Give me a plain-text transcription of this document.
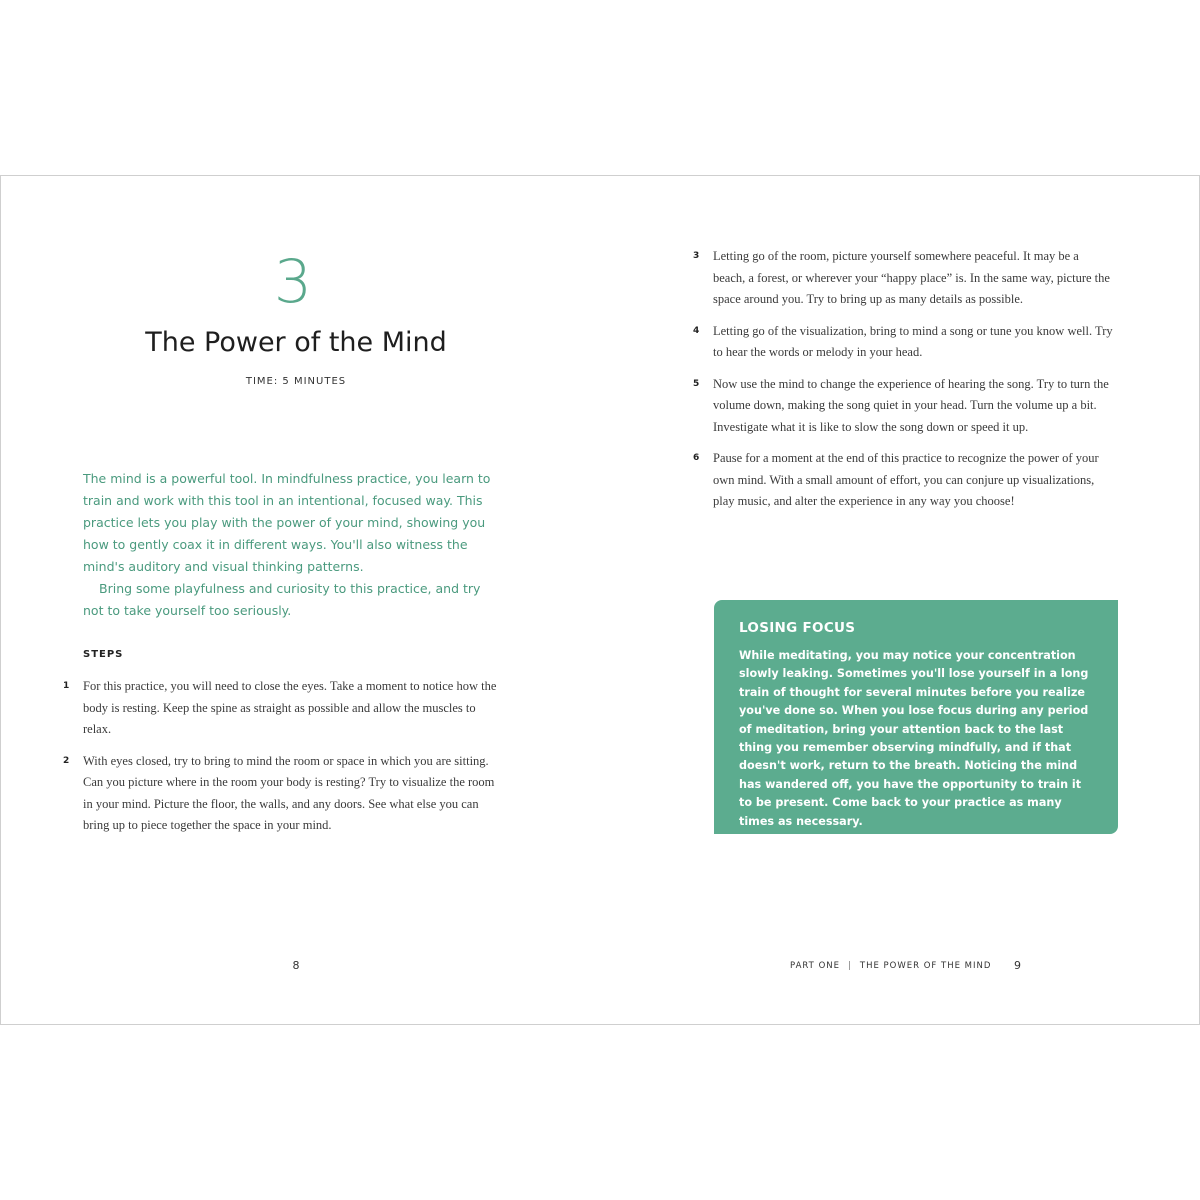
3
The Power of the Mind
TIME: 5 MINUTES

The mind is a powerful tool. In mindfulness practice, you learn to train and work with this tool in an intentional, focused way. This practice lets you play with the power of your mind, showing you how to gently coax it in different ways. You'll also witness the mind's auditory and visual thinking patterns.

Bring some playfulness and curiosity to this practice, and try not to take yourself too seriously.

STEPS
1 For this practice, you will need to close the eyes. Take a moment to notice how the body is resting. Keep the spine as straight as possible and allow the muscles to relax.
2 With eyes closed, try to bring to mind the room or space in which you are sitting. Can you picture where in the room your body is resting? Try to visualize the room in your mind. Picture the floor, the walls, and any doors. See what else you can bring up to piece together the space in your mind.
8
3 Letting go of the room, picture yourself somewhere peaceful. It may be a beach, a forest, or wherever your “happy place” is. In the same way, picture the space around you. Try to bring up as many details as possible.
4 Letting go of the visualization, bring to mind a song or tune you know well. Try to hear the words or melody in your head.
5 Now use the mind to change the experience of hearing the song. Try to turn the volume down, making the song quiet in your head. Turn the volume up a bit. Investigate what it is like to slow the song down or speed it up.
6 Pause for a moment at the end of this practice to recognize the power of your own mind. With a small amount of effort, you can conjure up visualizations, play music, and alter the experience in any way you choose!
LOSING FOCUS
While meditating, you may notice your concentration slowly leaking. Sometimes you'll lose yourself in a long train of thought for several minutes before you realize you've done so. When you lose focus during any period of meditation, bring your attention back to the last thing you remember observing mindfully, and if that doesn't work, return to the breath. Noticing the mind has wandered off, you have the opportunity to train it to be present. Come back to your practice as many times as necessary.
PART ONE | THE POWER OF THE MIND	9
